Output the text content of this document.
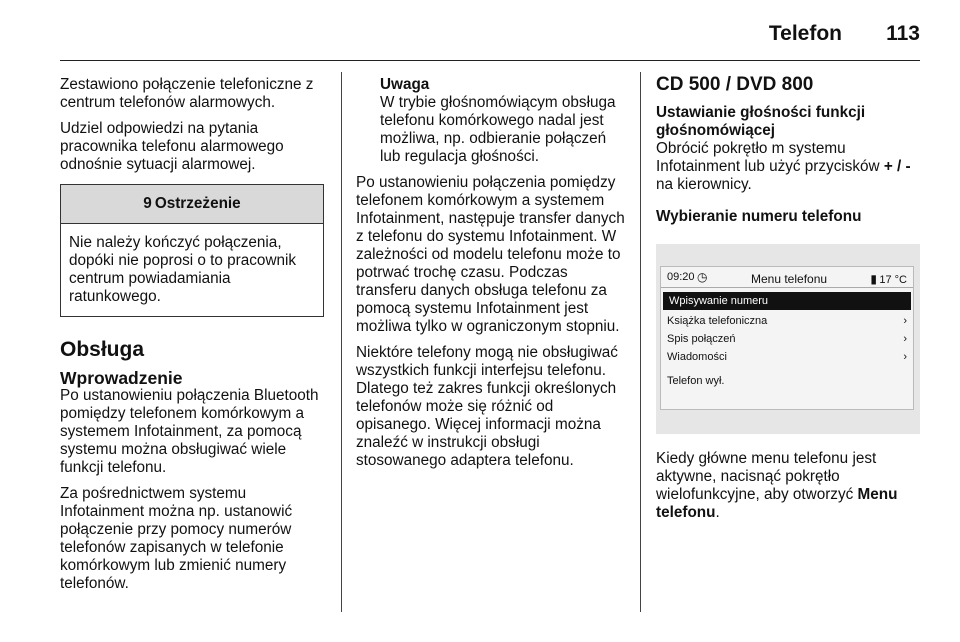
Telefon 113

Zestawiono połączenie telefoniczne z centrum telefonów alarmowych.

Udziel odpowiedzi na pytania pracownika telefonu alarmowego odnośnie sytuacji alarmowej.

9 Ostrzeżenie
Nie należy kończyć połączenia, dopóki nie poprosi o to pracownik centrum powiadamiania ratunkowego.
Obsługa
Wprowadzenie

Po ustanowieniu połączenia Bluetooth pomiędzy telefonem komórkowym a systemem Infotainment, za pomocą systemu można obsługiwać wiele funkcji telefonu.

Za pośrednictwem systemu Infotainment można np. ustanowić połączenie przy pomocy numerów telefonów zapisanych w telefonie komórkowym lub zmienić numery telefonów.

Uwaga
W trybie głośnomówiącym obsługa telefonu komórkowego nadal jest możliwa, np. odbieranie połączeń lub regulacja głośności.

Po ustanowieniu połączenia pomiędzy telefonem komórkowym a systemem Infotainment, następuje transfer danych z telefonu do systemu Infotainment. W zależności od modelu telefonu może to potrwać trochę czasu. Podczas transferu danych obsługa telefonu za pomocą systemu Infotainment jest możliwa tylko w ograniczonym stopniu.

Niektóre telefony mogą nie obsługiwać wszystkich funkcji interfejsu telefonu. Dlatego też zakres funkcji określonych telefonów może się różnić od opisanego. Więcej informacji można znaleźć w instrukcji obsługi stosowanego adaptera telefonu.

CD 500 / DVD 800
Ustawianie głośności funkcji głośnomówiącej

Obrócić pokrętło m systemu Infotainment lub użyć przycisków + / - na kierownicy.

Wybieranie numeru telefonu
09:20 ◷	Menu telefonu	▮ 17 °C
Wpisywanie numeru
Książka telefoniczna	›
Spis połączeń	›
Wiadomości	›
Telefon wył.

Kiedy główne menu telefonu jest aktywne, nacisnąć pokrętło wielofunkcyjne, aby otworzyć Menu telefonu.
